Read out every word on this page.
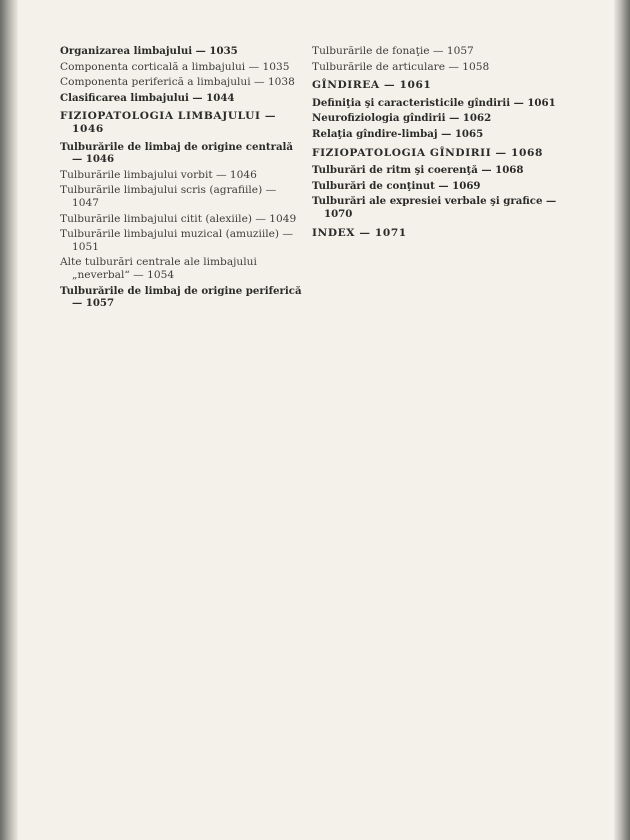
Organizarea limbajului — 1035
Componenta corticală a limbajului — 1035
Componenta periferică a limbajului — 1038
Clasificarea limbajului — 1044
FIZIOPATOLOGIA LIMBAJULUI — 1046
Tulburările de limbaj de origine centrală — 1046
Tulburările limbajului vorbit — 1046
Tulburările limbajului scris (agrafiile) — 1047
Tulburările limbajului citit (alexiile) — 1049
Tulburările limbajului muzical (amuziile) — 1051
Alte tulburări centrale ale limbajului „neverbal“ — 1054
Tulburările de limbaj de origine periferică — 1057
Tulburările de fonaţie — 1057
Tulburările de articulare — 1058
GÎNDIREA — 1061
Definiţia şi caracteristicile gîndirii — 1061
Neurofiziologia gîndirii — 1062
Relaţia gîndire-limbaj — 1065
FIZIOPATOLOGIA GÎNDIRII — 1068
Tulburări de ritm şi coerenţă — 1068
Tulburări de conţinut — 1069
Tulburări ale expresiei verbale şi grafice — 1070
INDEX — 1071
